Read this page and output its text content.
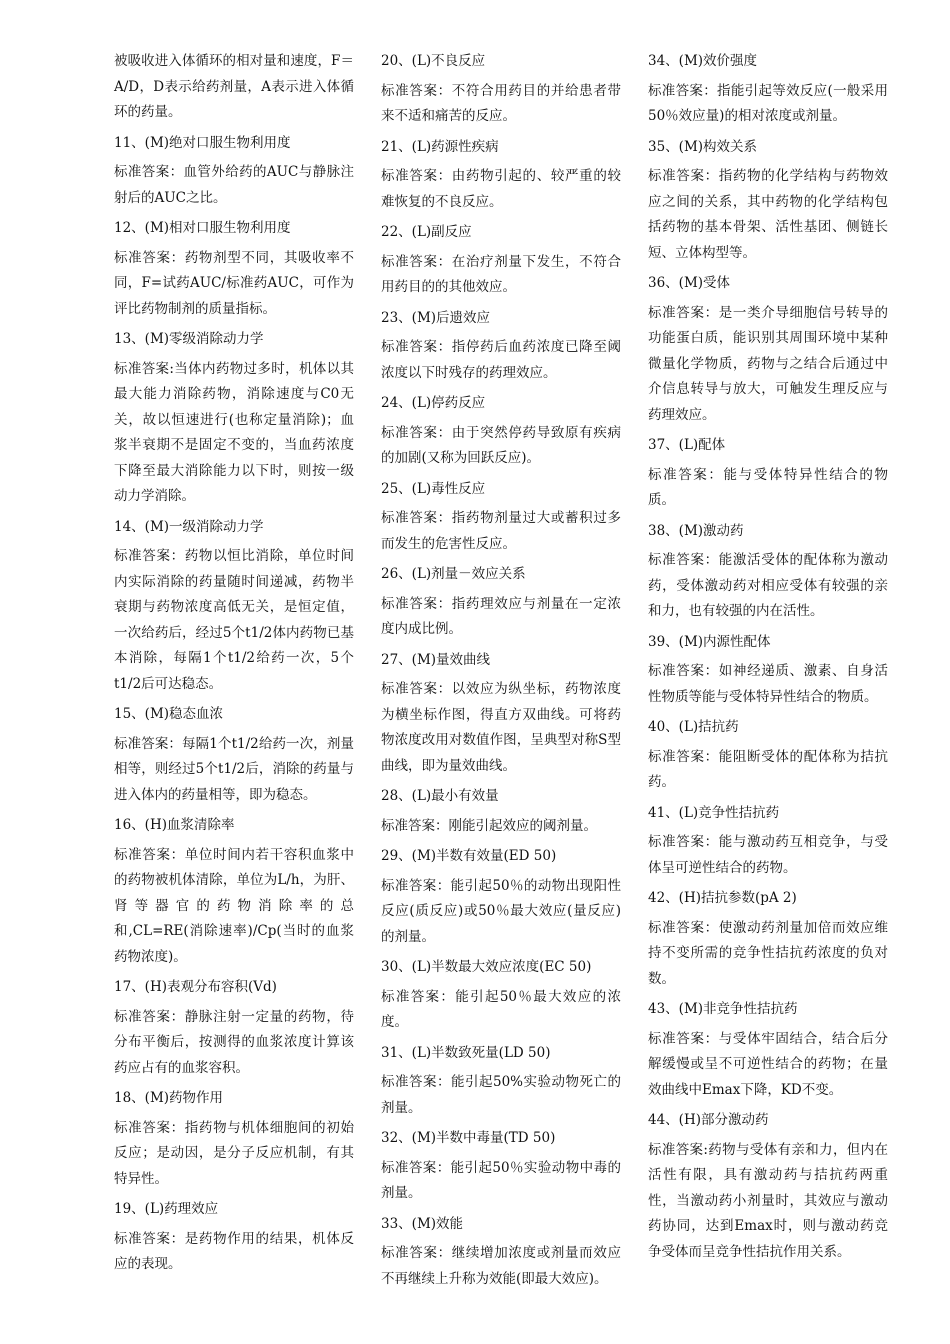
被吸收进入体循环的相对量和速度，F＝A/D，D表示给药剂量，A表示进入体循环的药量。

11、(M)绝对口服生物利用度

标准答案：血管外给药的AUC与静脉注射后的AUC之比。

12、(M)相对口服生物利用度

标准答案：药物剂型不同，其吸收率不同，F=试药AUC/标准药AUC，可作为评比药物制剂的质量指标。

13、(M)零级消除动力学

标准答案:当体内药物过多时，机体以其最大能力消除药物，消除速度与C0无关，故以恒速进行(也称定量消除)；血浆半衰期不是固定不变的，当血药浓度下降至最大消除能力以下时，则按一级动力学消除。

14、(M)一级消除动力学

标准答案：药物以恒比消除，单位时间内实际消除的药量随时间递减，药物半衰期与药物浓度高低无关，是恒定值，一次给药后，经过5个t1/2体内药物已基本消除，每隔1个t1/2给药一次，5个t1/2后可达稳态。

15、(M)稳态血浓

标准答案：每隔1个t1/2给药一次，剂量相等，则经过5个t1/2后，消除的药量与进入体内的药量相等，即为稳态。

16、(H)血浆清除率

标准答案：单位时间内若干容积血浆中的药物被机体清除，单位为L/h，为肝、肾等器官的药物消除率的总和,CL=RE(消除速率)/Cp(当时的血浆药物浓度)。

17、(H)表观分布容积(Vd)

标准答案：静脉注射一定量的药物，待分布平衡后，按测得的血浆浓度计算该药应占有的血浆容积。

18、(M)药物作用

标准答案：指药物与机体细胞间的初始反应；是动因，是分子反应机制，有其特异性。

19、(L)药理效应

标准答案：是药物作用的结果，机体反应的表现。

20、(L)不良反应

标准答案：不符合用药目的并给患者带来不适和痛苦的反应。

21、(L)药源性疾病

标准答案：由药物引起的、较严重的较难恢复的不良反应。

22、(L)副反应

标准答案：在治疗剂量下发生，不符合用药目的的其他效应。

23、(M)后遗效应

标准答案：指停药后血药浓度已降至阈浓度以下时残存的药理效应。

24、(L)停药反应

标准答案：由于突然停药导致原有疾病的加剧(又称为回跃反应)。

25、(L)毒性反应

标准答案：指药物剂量过大或蓄积过多而发生的危害性反应。

26、(L)剂量－效应关系

标准答案：指药理效应与剂量在一定浓度内成比例。

27、(M)量效曲线

标准答案：以效应为纵坐标，药物浓度为横坐标作图，得直方双曲线。可将药物浓度改用对数值作图，呈典型对称S型曲线，即为量效曲线。

28、(L)最小有效量

标准答案：刚能引起效应的阈剂量。

29、(M)半数有效量(ED 50)

标准答案：能引起50％的动物出现阳性反应(质反应)或50％最大效应(量反应)的剂量。

30、(L)半数最大效应浓度(EC 50)

标准答案：能引起50％最大效应的浓度。

31、(L)半数致死量(LD 50)

标准答案：能引起50%实验动物死亡的剂量。

32、(M)半数中毒量(TD 50)

标准答案：能引起50％实验动物中毒的剂量。

33、(M)效能

标准答案：继续增加浓度或剂量而效应不再继续上升称为效能(即最大效应)。

34、(M)效价强度

标准答案：指能引起等效反应(一般采用50％效应量)的相对浓度或剂量。

35、(M)构效关系

标准答案：指药物的化学结构与药物效应之间的关系，其中药物的化学结构包括药物的基本骨架、活性基团、侧链长短、立体构型等。

36、(M)受体

标准答案：是一类介导细胞信号转导的功能蛋白质，能识别其周围环境中某种微量化学物质，药物与之结合后通过中介信息转导与放大，可触发生理反应与药理效应。

37、(L)配体

标准答案：能与受体特异性结合的物质。

38、(M)激动药

标准答案：能激活受体的配体称为激动药，受体激动药对相应受体有较强的亲和力，也有较强的内在活性。

39、(M)内源性配体

标准答案：如神经递质、激素、自身活性物质等能与受体特异性结合的物质。

40、(L)拮抗药

标准答案：能阻断受体的配体称为拮抗药。

41、(L)竞争性拮抗药

标准答案：能与激动药互相竞争，与受体呈可逆性结合的药物。

42、(H)拮抗参数(pA 2)

标准答案：使激动药剂量加倍而效应维持不变所需的竞争性拮抗药浓度的负对数。

43、(M)非竞争性拮抗药

标准答案：与受体牢固结合，结合后分解缓慢或呈不可逆性结合的药物；在量效曲线中Emax下降，KD不变。

44、(H)部分激动药

标准答案:药物与受体有亲和力，但内在活性有限，具有激动药与拮抗药两重性，当激动药小剂量时，其效应与激动药协同，达到Emax时，则与激动药竞争受体而呈竞争性拮抗作用关系。
